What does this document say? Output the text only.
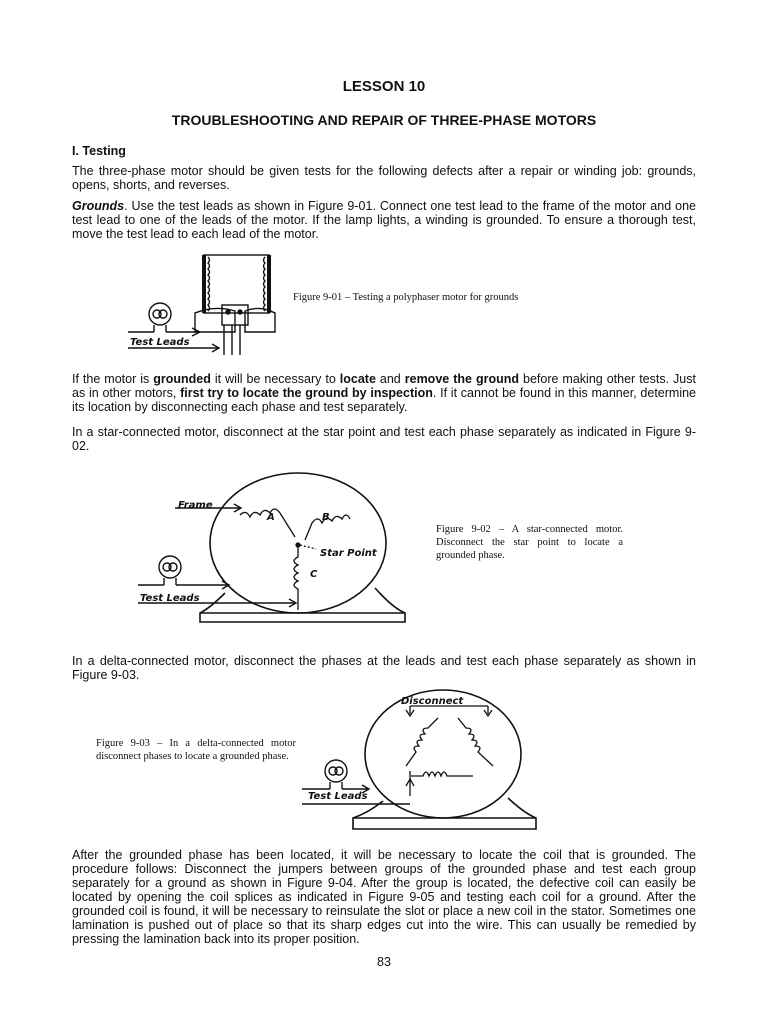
LESSON 10
TROUBLESHOOTING AND REPAIR OF THREE-PHASE MOTORS
I. Testing
The three-phase motor should be given tests for the following defects after a repair or winding job: grounds, opens, shorts, and reverses.
Grounds. Use the test leads as shown in Figure 9-01. Connect one test lead to the frame of the motor and one test lead to one of the leads of the motor. If the lamp lights, a winding is grounded. To ensure a thorough test, move the test lead to each lead of the motor.
Test Leads
Figure 9-01 – Testing a polyphaser motor for grounds
If the motor is grounded it will be necessary to locate and remove the ground before making other tests. Just as in other motors, first try to locate the ground by inspection. If it cannot be found in this manner, determine its location by disconnecting each phase and test separately.
In a star-connected motor, disconnect at the star point and test each phase separately as indicated in Figure 9-02.
Frame
A	B
C
Star Point
Test Leads
Figure 9-02 – A star-connected motor. Disconnect the star point to locate a grounded phase.
In a delta-connected motor, disconnect the phases at the leads and test each phase separately as shown in Figure 9-03.
Disconnect
Test Leads
Figure 9-03 – In a delta-connected motor disconnect phases to locate a grounded phase.
After the grounded phase has been located, it will be necessary to locate the coil that is grounded. The procedure follows: Disconnect the jumpers between groups of the grounded phase and test each group separately for a ground as shown in Figure 9-04. After the group is located, the defective coil can easily be located by opening the coil splices as indicated in Figure 9-05 and testing each coil for a ground. After the grounded coil is found, it will be necessary to reinsulate the slot or place a new coil in the stator. Sometimes one lamination is pushed out of place so that its sharp edges cut into the wire. This can usually be remedied by pressing the lamination back into its proper position.
83
